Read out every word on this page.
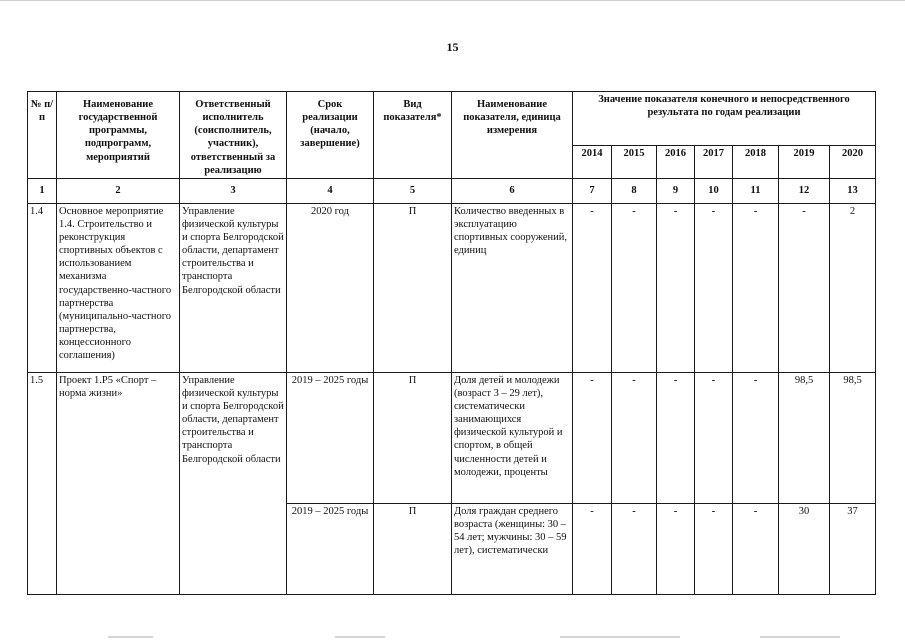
15
№ п/п	Наименование государственной программы, подпрограмм, мероприятий	Ответственный исполнитель (соисполнитель, участник), ответственный за реализацию	Срок реализации (начало, завершение)	Вид показателя*	Наименование показателя, единица измерения	Значение показателя конечного и непосредственного результата по годам реализации						
						2014	2015	2016	2017	2018	2019	2020
1	2	3	4	5	6	7	8	9	10	11	12	13
1.4	Основное мероприятие 1.4. Строительство и реконструкция спортивных объектов с использованием механизма государственно-частного партнерства (муниципально-частного партнерства, концессионного соглашения)	Управление физической культуры и спорта Белгородской области, департамент строительства и транспорта Белгородской области	2020 год	П	Количество введенных в эксплуатацию спортивных сооружений, единиц	-	-	-	-	-	-	2
1.5	Проект 1.Р5 «Спорт – норма жизни»	Управление физической культуры и спорта Белгородской области, департамент строительства и транспорта Белгородской области	2019 – 2025 годы	П	Доля детей и молодежи (возраст 3 – 29 лет), систематически занимающихся физической культурой и спортом, в общей численности детей и молодежи, проценты	-	-	-	-	-	98,5	98,5
			2019 – 2025 годы	П	Доля граждан среднего возраста (женщины: 30 – 54 лет; мужчины: 30 – 59 лет), систематически	-	-	-	-	-	30	37
